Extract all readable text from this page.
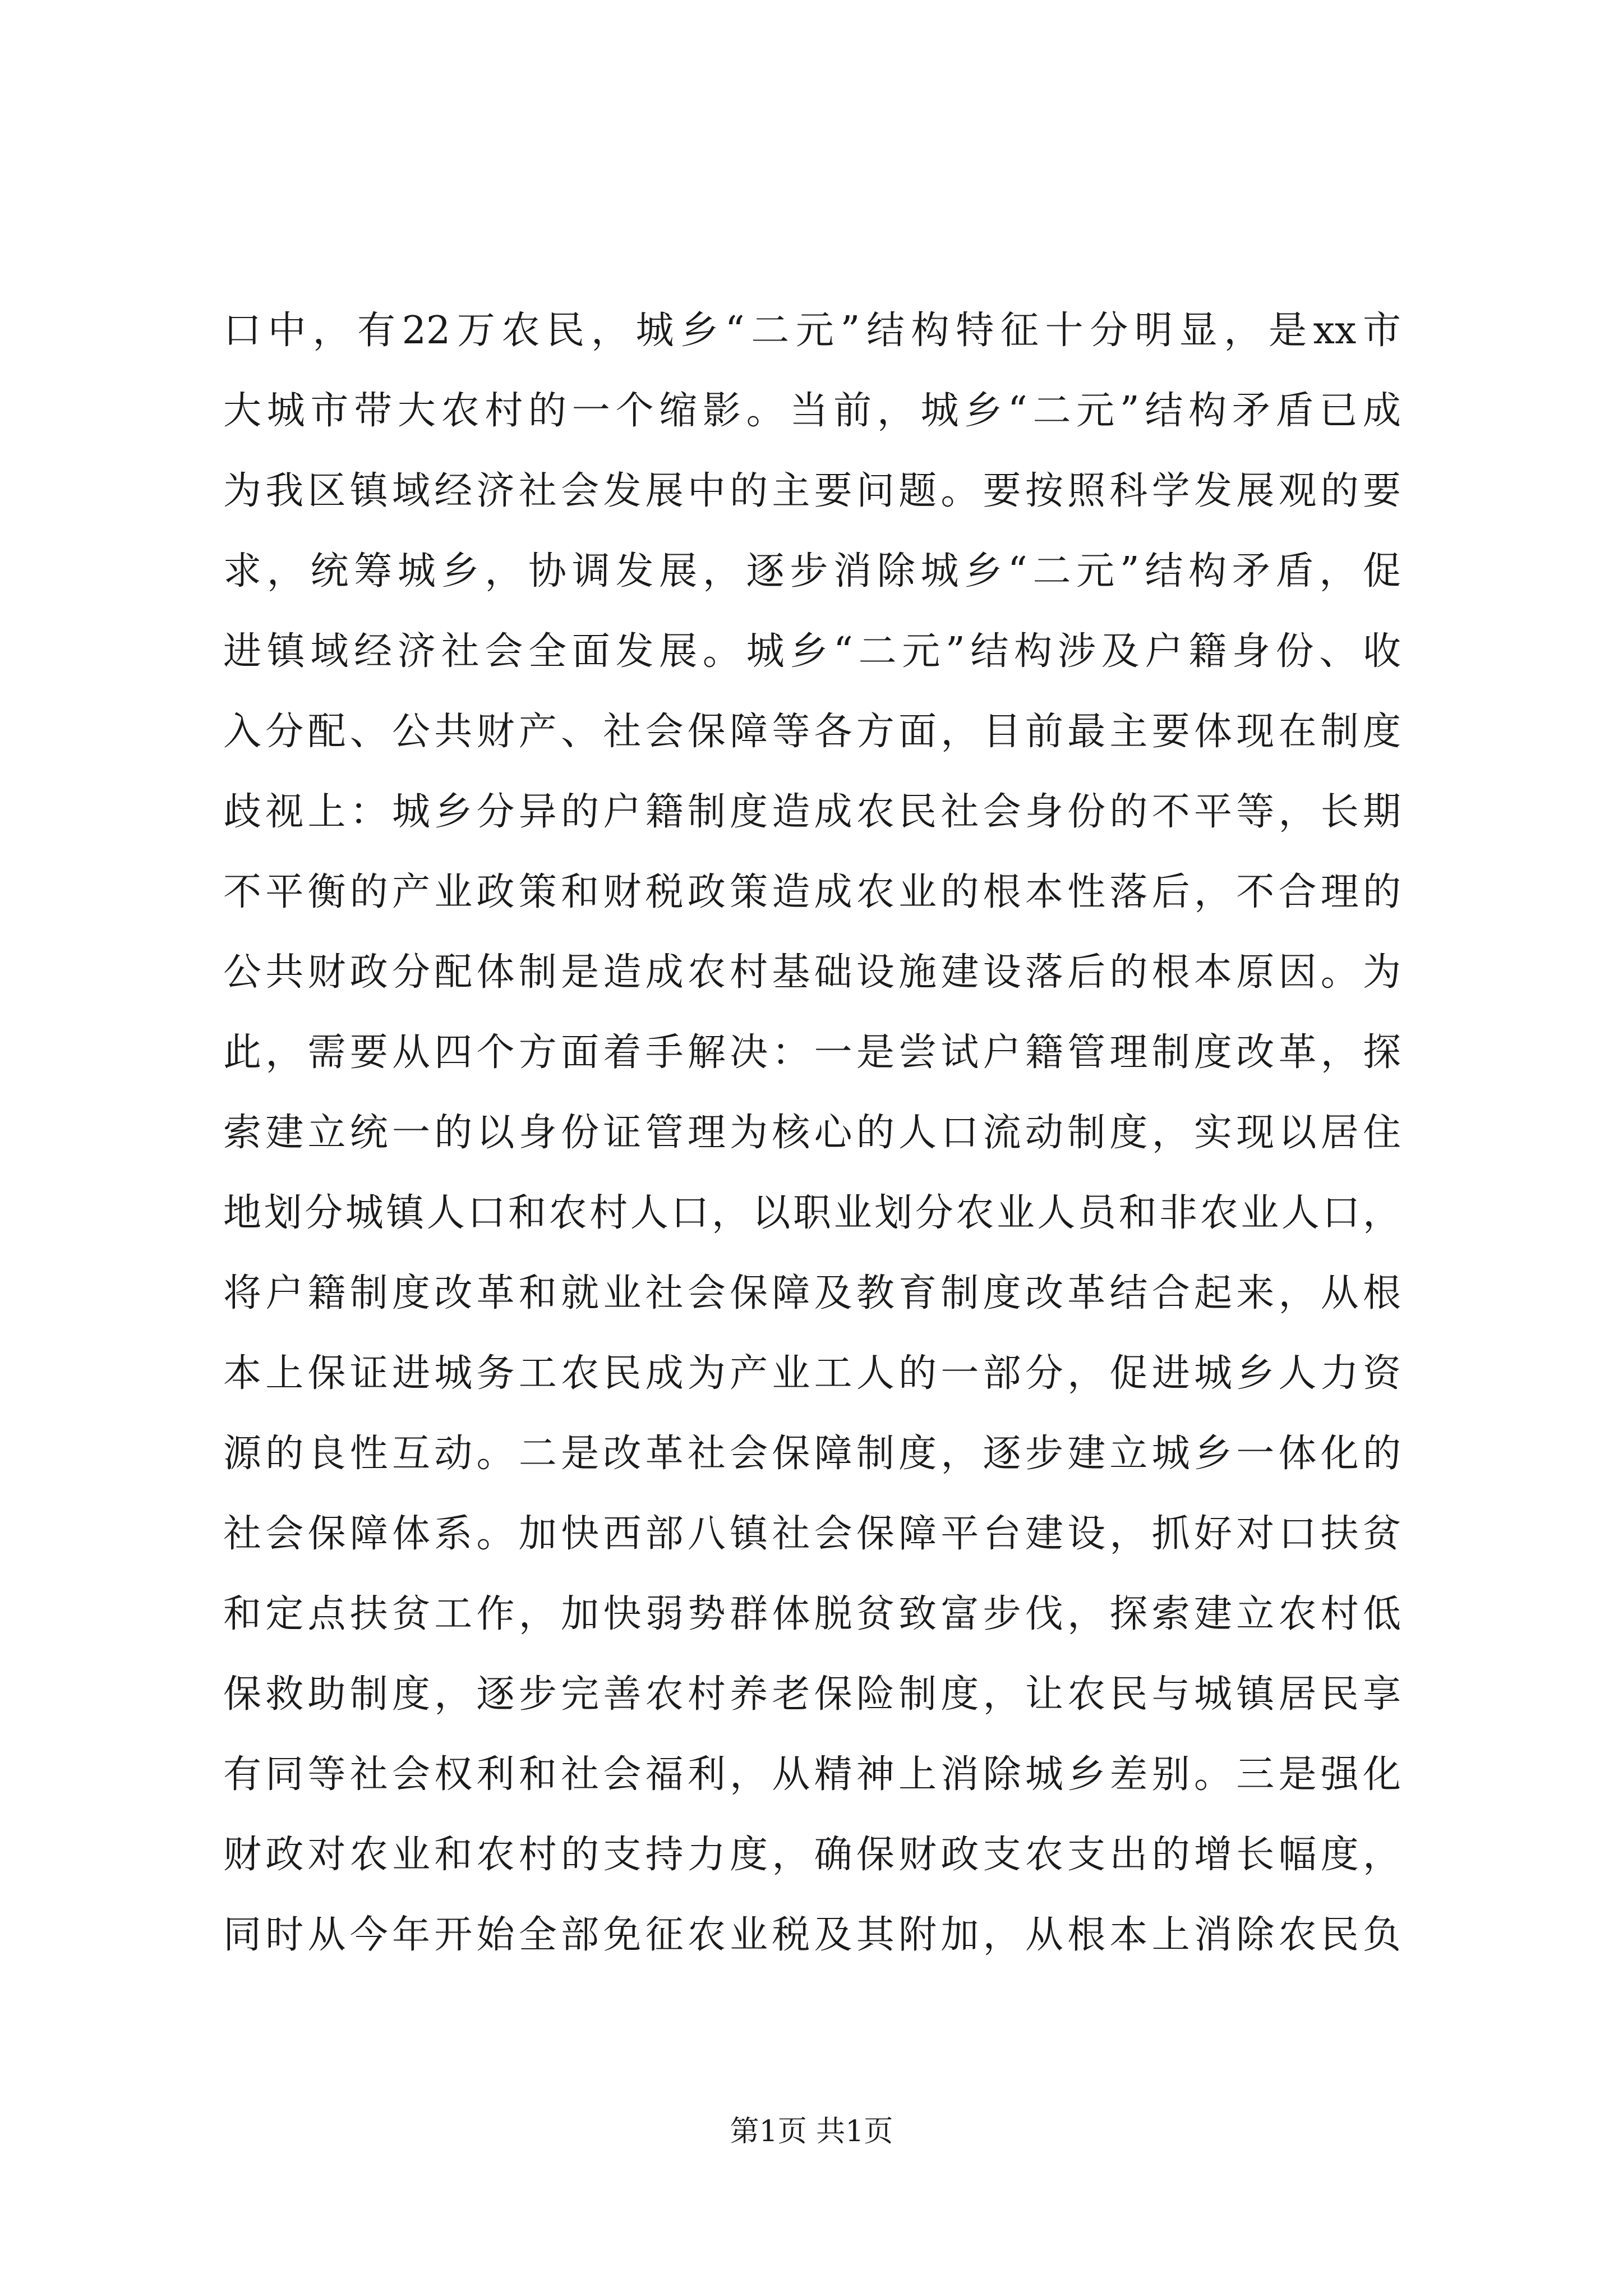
口中，有22万农民，城乡“二元”结构特征十分明显，是xx市
大城市带大农村的一个缩影。当前，城乡“二元”结构矛盾已成
为我区镇域经济社会发展中的主要问题。要按照科学发展观的要
求，统筹城乡，协调发展，逐步消除城乡“二元”结构矛盾，促
进镇域经济社会全面发展。城乡“二元”结构涉及户籍身份、收
入分配、公共财产、社会保障等各方面，目前最主要体现在制度
歧视上：城乡分异的户籍制度造成农民社会身份的不平等，长期
不平衡的产业政策和财税政策造成农业的根本性落后，不合理的
公共财政分配体制是造成农村基础设施建设落后的根本原因。为
此，需要从四个方面着手解决：一是尝试户籍管理制度改革，探
索建立统一的以身份证管理为核心的人口流动制度，实现以居住
地划分城镇人口和农村人口，以职业划分农业人员和非农业人口，
将户籍制度改革和就业社会保障及教育制度改革结合起来，从根
本上保证进城务工农民成为产业工人的一部分，促进城乡人力资
源的良性互动。二是改革社会保障制度，逐步建立城乡一体化的
社会保障体系。加快西部八镇社会保障平台建设，抓好对口扶贫
和定点扶贫工作，加快弱势群体脱贫致富步伐，探索建立农村低
保救助制度，逐步完善农村养老保险制度，让农民与城镇居民享
有同等社会权利和社会福利，从精神上消除城乡差别。三是强化
财政对农业和农村的支持力度，确保财政支农支出的增长幅度，
同时从今年开始全部免征农业税及其附加，从根本上消除农民负
第1页 共1页
